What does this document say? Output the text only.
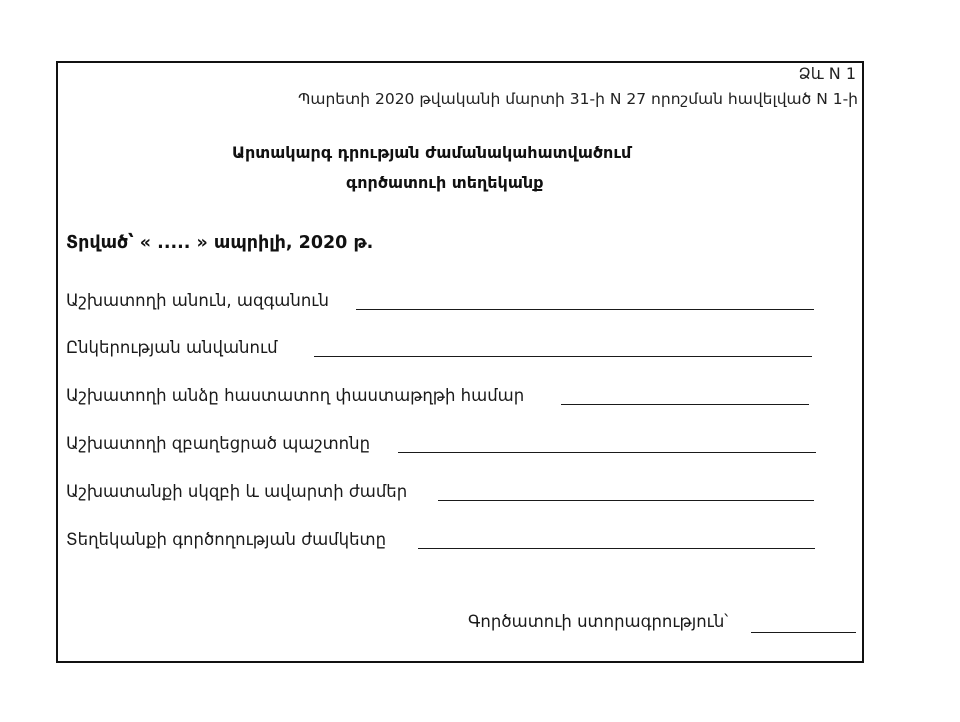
Ձև N 1
Պարետի 2020 թվականի մարտի 31-ի N 27 որոշման հավելված N 1-ի
Արտակարգ դրության ժամանակահատվածում
գործատուի տեղեկանք
Տրված՝ « ..... » ապրիլի, 2020 թ.
Աշխատողի անուն, ազգանուն
Ընկերության անվանում
Աշխատողի անձը հաստատող փաստաթղթի համար
Աշխատողի զբաղեցրած պաշտոնը
Աշխատանքի սկզբի և ավարտի ժամեր
Տեղեկանքի գործողության ժամկետը
Գործատուի ստորագրություն՝
